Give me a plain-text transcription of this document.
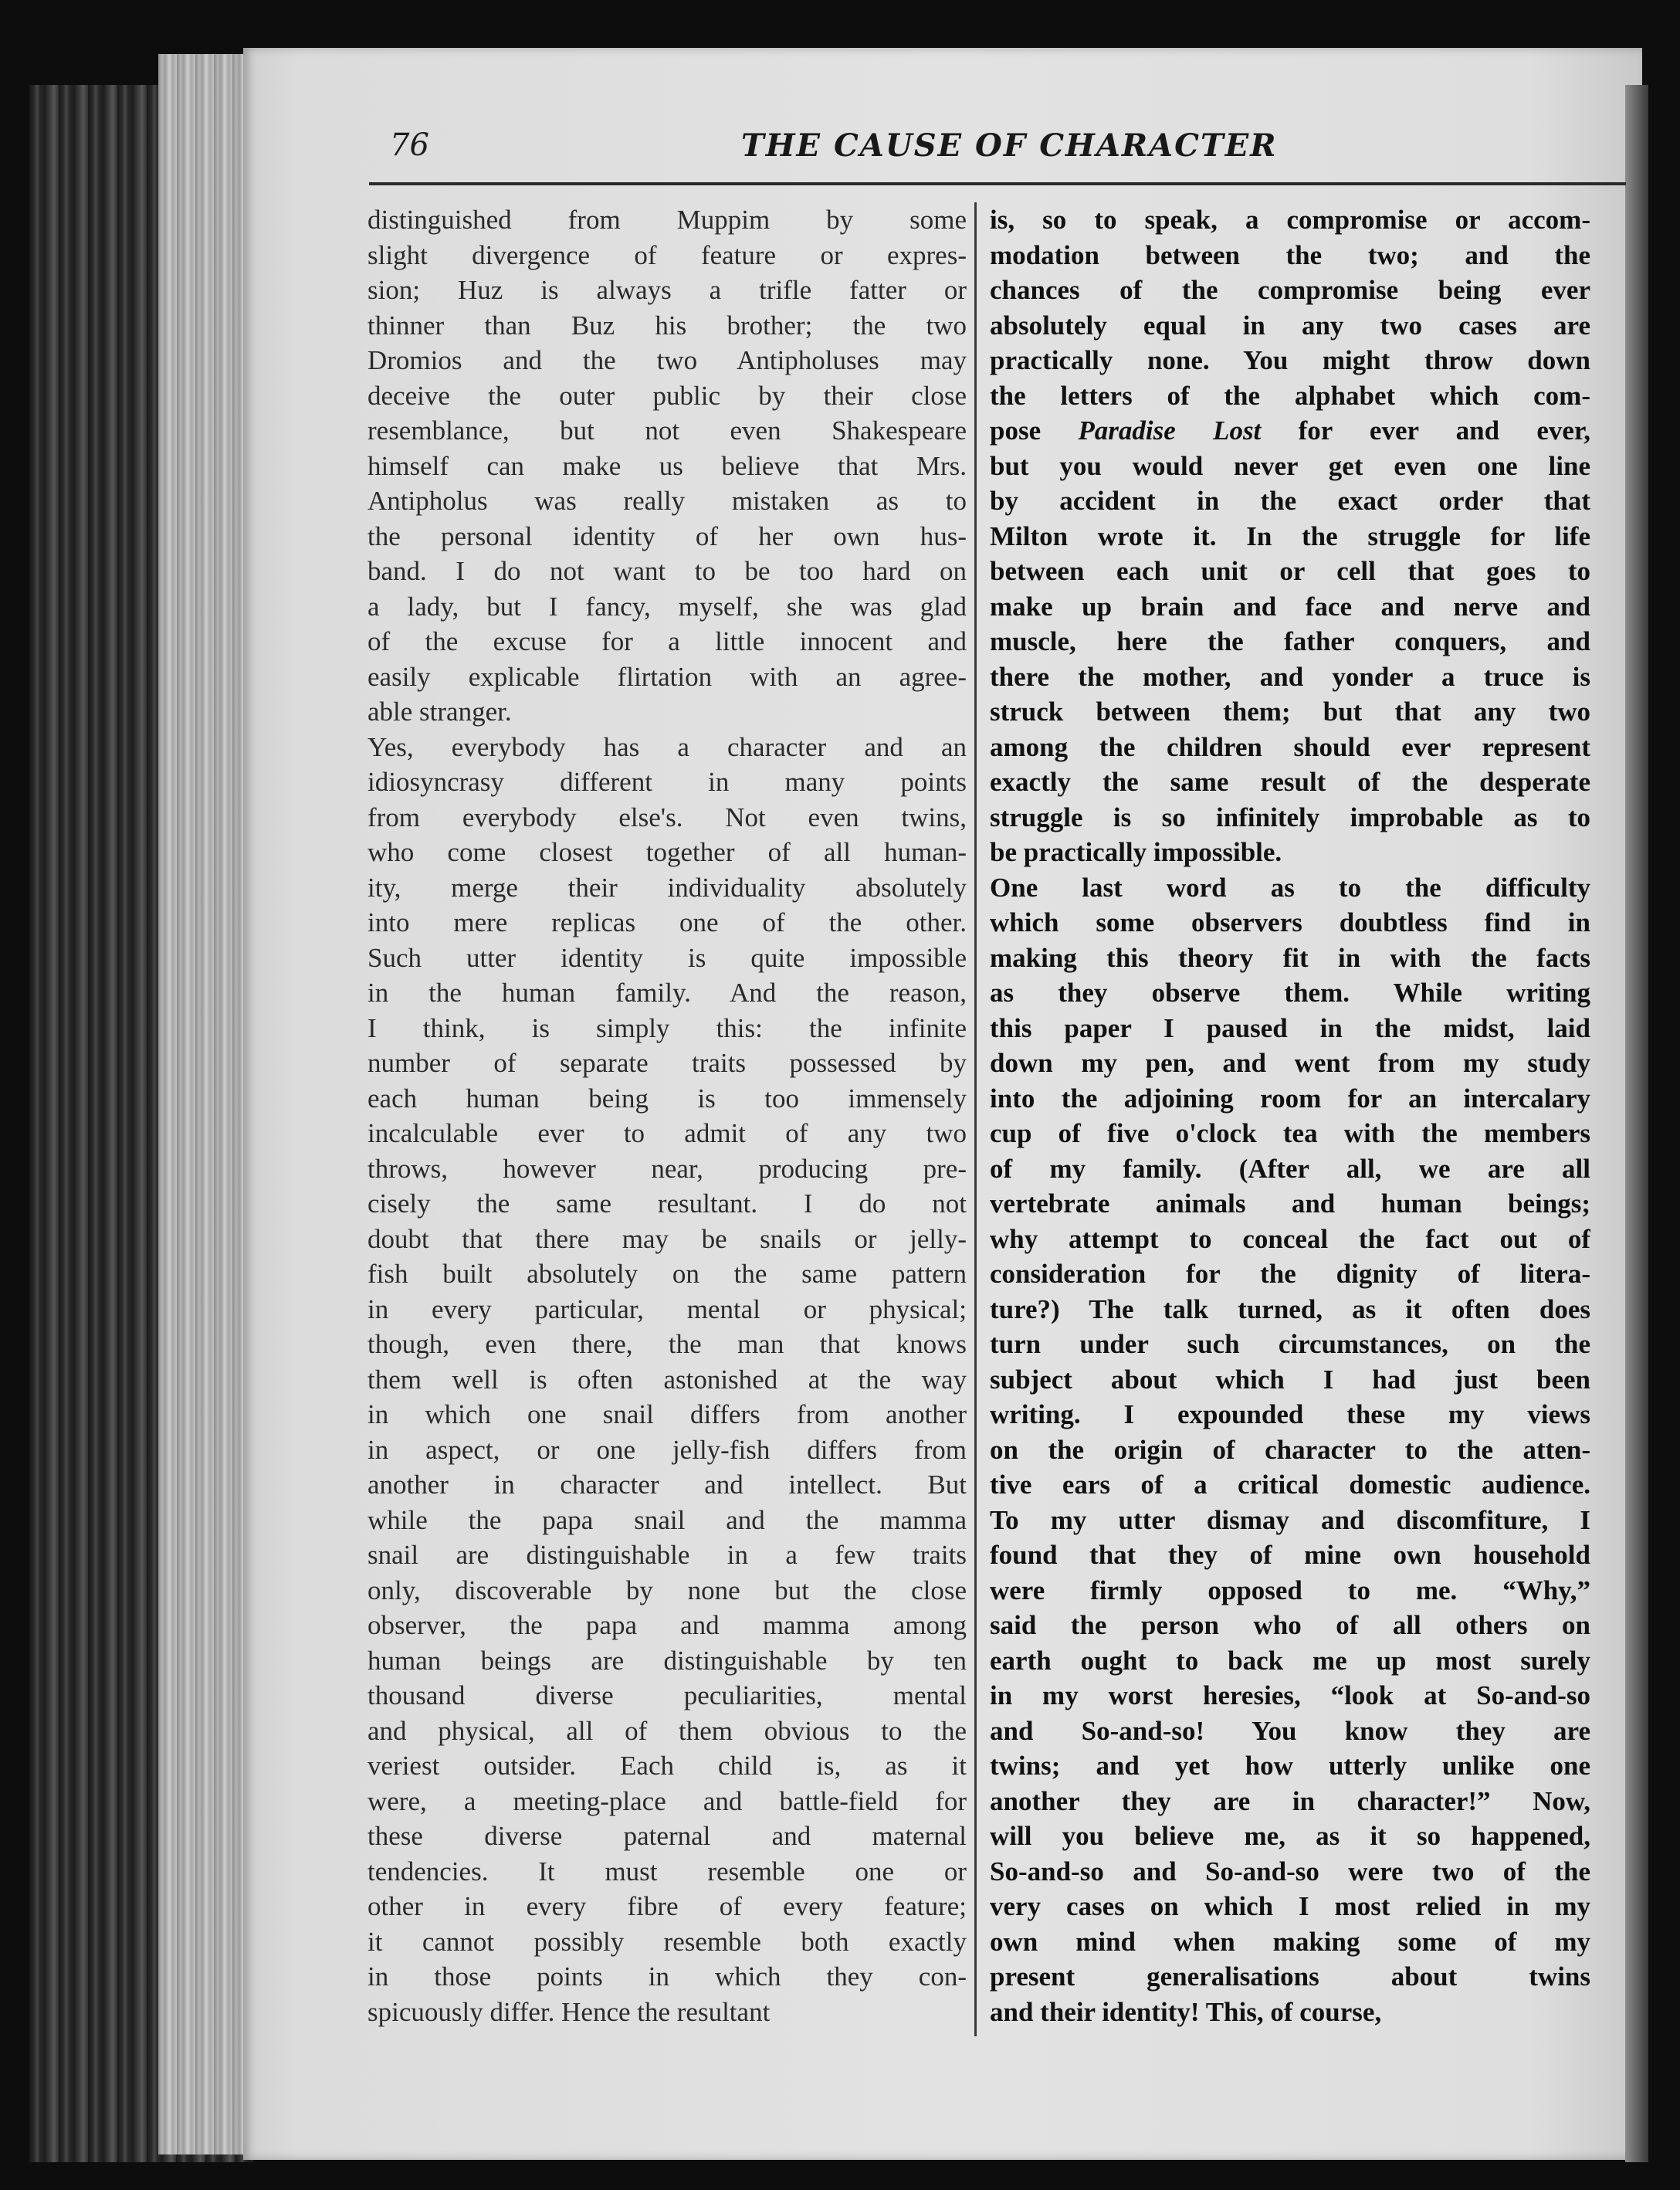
76	THE CAUSE OF CHARACTER
distinguished from Muppim by some
slight divergence of feature or expres-
sion; Huz is always a trifle fatter or
thinner than Buz his brother; the two
Dromios and the two Antipholuses may
deceive the outer public by their close
resemblance, but not even Shakespeare
himself can make us believe that Mrs.
Antipholus was really mistaken as to
the personal identity of her own hus-
band. I do not want to be too hard on
a lady, but I fancy, myself, she was glad
of the excuse for a little innocent and
easily explicable flirtation with an agree-
able stranger.
Yes, everybody has a character and an
idiosyncrasy different in many points
from everybody else's. Not even twins,
who come closest together of all human-
ity, merge their individuality absolutely
into mere replicas one of the other.
Such utter identity is quite impossible
in the human family. And the reason,
I think, is simply this: the infinite
number of separate traits possessed by
each human being is too immensely
incalculable ever to admit of any two
throws, however near, producing pre-
cisely the same resultant. I do not
doubt that there may be snails or jelly-
fish built absolutely on the same pattern
in every particular, mental or physical;
though, even there, the man that knows
them well is often astonished at the way
in which one snail differs from another
in aspect, or one jelly-fish differs from
another in character and intellect. But
while the papa snail and the mamma
snail are distinguishable in a few traits
only, discoverable by none but the close
observer, the papa and mamma among
human beings are distinguishable by ten
thousand diverse peculiarities, mental
and physical, all of them obvious to the
veriest outsider. Each child is, as it
were, a meeting-place and battle-field for
these diverse paternal and maternal
tendencies. It must resemble one or
other in every fibre of every feature;
it cannot possibly resemble both exactly
in those points in which they con-
spicuously differ. Hence the resultant
is, so to speak, a compromise or accom-
modation between the two; and the
chances of the compromise being ever
absolutely equal in any two cases are
practically none. You might throw down
the letters of the alphabet which com-
pose Paradise Lost for ever and ever,
but you would never get even one line
by accident in the exact order that
Milton wrote it. In the struggle for life
between each unit or cell that goes to
make up brain and face and nerve and
muscle, here the father conquers, and
there the mother, and yonder a truce is
struck between them; but that any two
among the children should ever represent
exactly the same result of the desperate
struggle is so infinitely improbable as to
be practically impossible.
One last word as to the difficulty
which some observers doubtless find in
making this theory fit in with the facts
as they observe them. While writing
this paper I paused in the midst, laid
down my pen, and went from my study
into the adjoining room for an intercalary
cup of five o'clock tea with the members
of my family. (After all, we are all
vertebrate animals and human beings;
why attempt to conceal the fact out of
consideration for the dignity of litera-
ture?) The talk turned, as it often does
turn under such circumstances, on the
subject about which I had just been
writing. I expounded these my views
on the origin of character to the atten-
tive ears of a critical domestic audience.
To my utter dismay and discomfiture, I
found that they of mine own household
were firmly opposed to me. “Why,”
said the person who of all others on
earth ought to back me up most surely
in my worst heresies, “look at So-and-so
and So-and-so! You know they are
twins; and yet how utterly unlike one
another they are in character!” Now,
will you believe me, as it so happened,
So-and-so and So-and-so were two of the
very cases on which I most relied in my
own mind when making some of my
present generalisations about twins
and their identity! This, of course,
